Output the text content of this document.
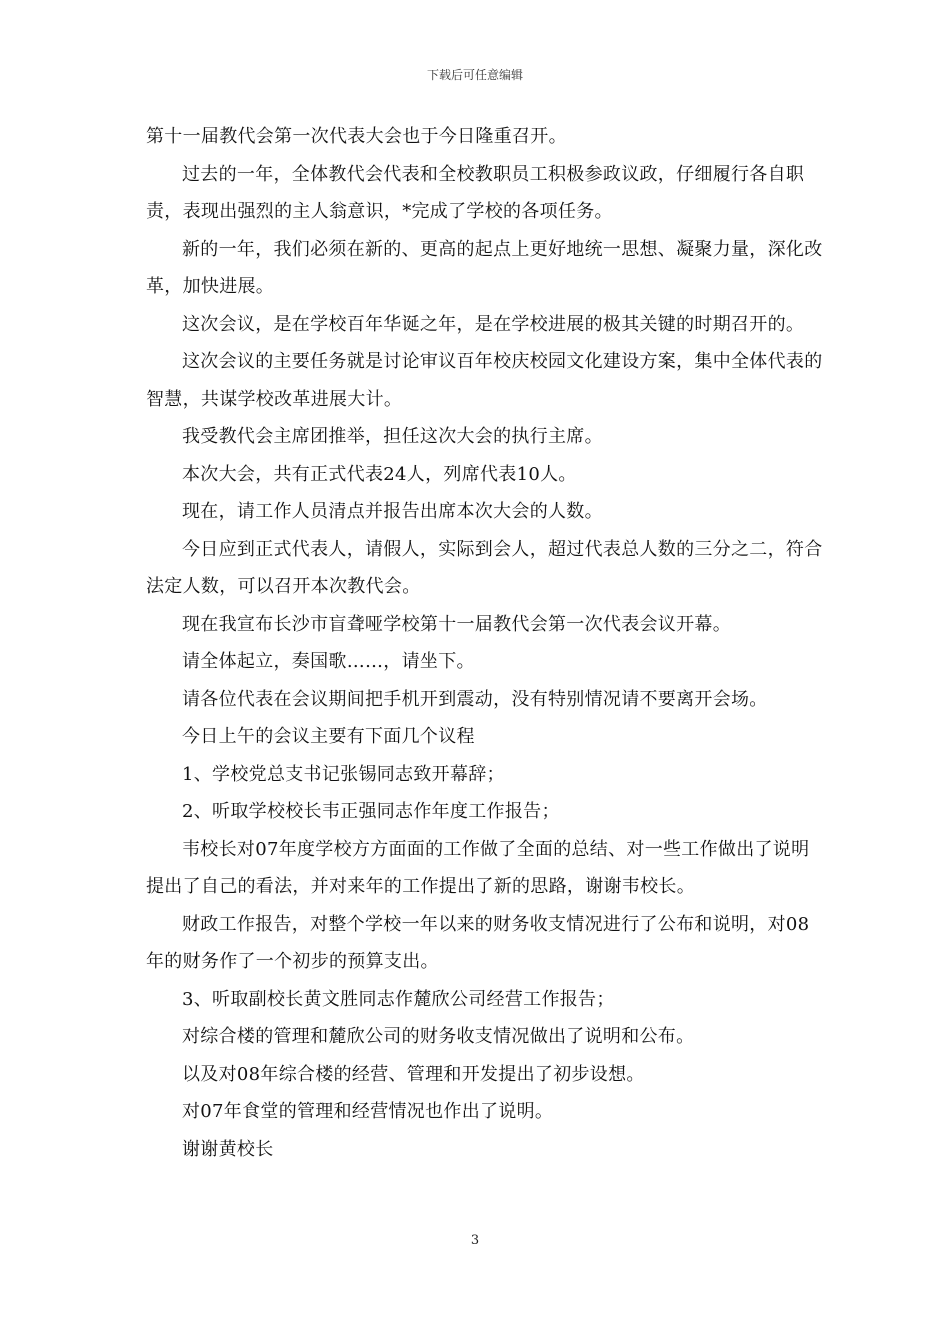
下载后可任意编辑

第十一届教代会第一次代表大会也于今日隆重召开。

过去的一年，全体教代会代表和全校教职员工积极参政议政，仔细履行各自职责，表现出强烈的主人翁意识，*完成了学校的各项任务。

新的一年，我们必须在新的、更高的起点上更好地统一思想、凝聚力量，深化改革，加快进展。

这次会议，是在学校百年华诞之年，是在学校进展的极其关键的时期召开的。

这次会议的主要任务就是讨论审议百年校庆校园文化建设方案，集中全体代表的智慧，共谋学校改革进展大计。

我受教代会主席团推举，担任这次大会的执行主席。

本次大会，共有正式代表24人，列席代表10人。

现在，请工作人员清点并报告出席本次大会的人数。

今日应到正式代表人，请假人，实际到会人，超过代表总人数的三分之二，符合法定人数，可以召开本次教代会。

现在我宣布长沙市盲聋哑学校第十一届教代会第一次代表会议开幕。

请全体起立，奏国歌……，请坐下。

请各位代表在会议期间把手机开到震动，没有特别情况请不要离开会场。

今日上午的会议主要有下面几个议程

1、学校党总支书记张锡同志致开幕辞；

2、听取学校校长韦正强同志作年度工作报告；

韦校长对07年度学校方方面面的工作做了全面的总结、对一些工作做出了说明提出了自己的看法，并对来年的工作提出了新的思路，谢谢韦校长。

财政工作报告，对整个学校一年以来的财务收支情况进行了公布和说明，对08年的财务作了一个初步的预算支出。

3、听取副校长黄文胜同志作麓欣公司经营工作报告；

对综合楼的管理和麓欣公司的财务收支情况做出了说明和公布。

以及对08年综合楼的经营、管理和开发提出了初步设想。

对07年食堂的管理和经营情况也作出了说明。

谢谢黄校长

3
